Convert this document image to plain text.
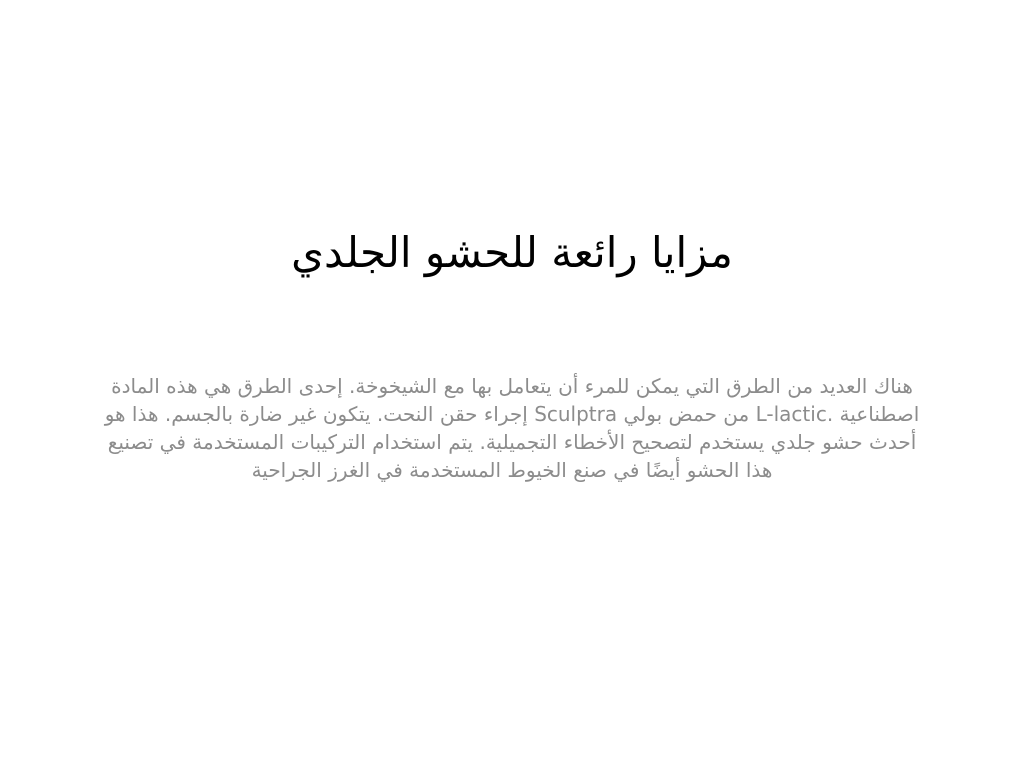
مزايا رائعة للحشو الجلدي

هناك العديد من الطرق التي يمكن للمرء أن يتعامل بها مع الشيخوخة. إحدى الطرق هي هذه المادة اصطناعية .L-lactic من حمض بولي Sculptra إجراء حقن النحت. يتكون غير ضارة بالجسم. هذا هو أحدث حشو جلدي يستخدم لتصحيح الأخطاء التجميلية. يتم استخدام التركيبات المستخدمة في تصنيع هذا الحشو أيضًا في صنع الخيوط المستخدمة في الغرز الجراحية
